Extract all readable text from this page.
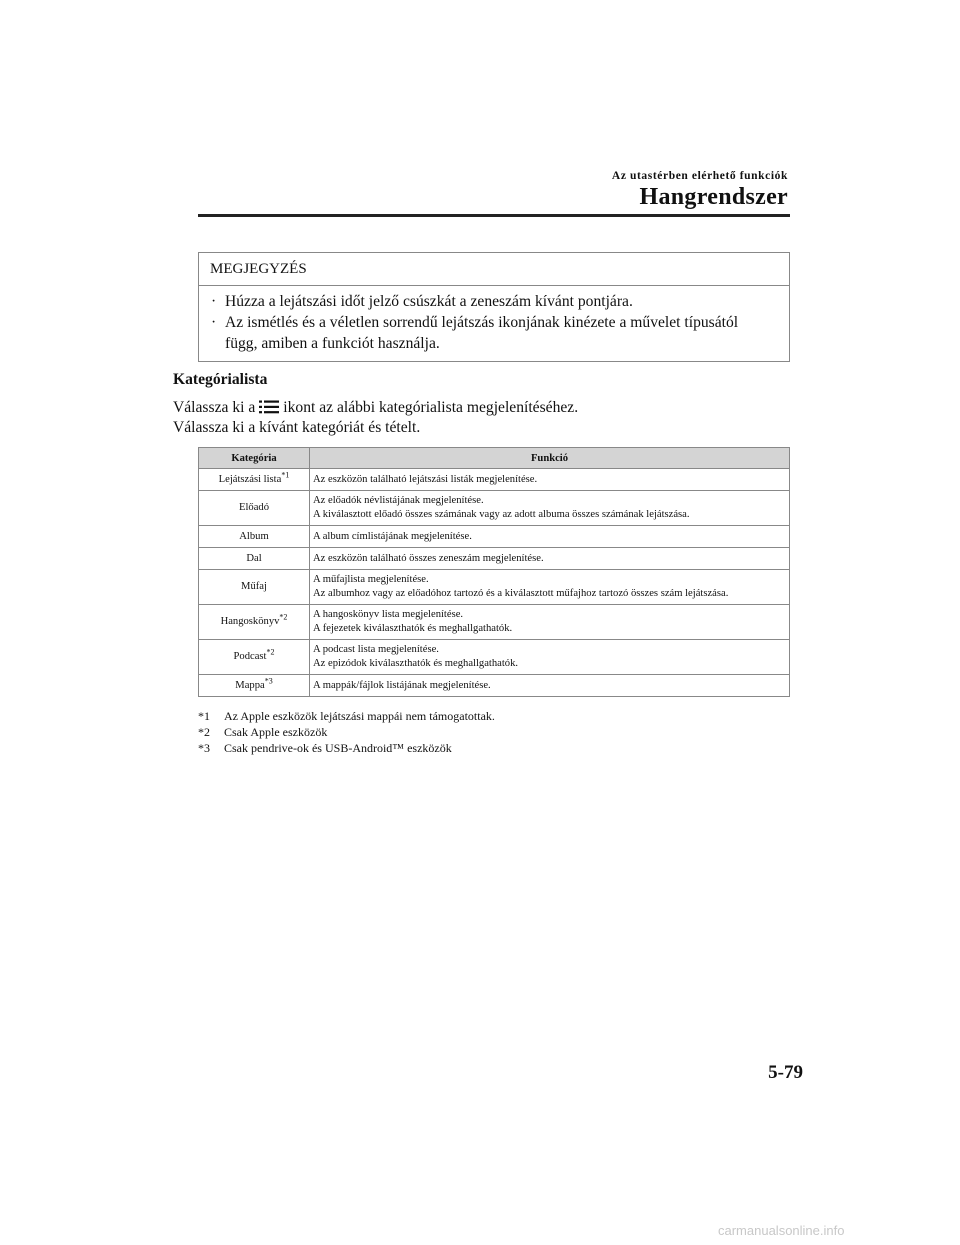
Az utastérben elérhető funkciók
Hangrendszer
MEGJEGYZÉS
· Húzza a lejátszási időt jelző csúszkát a zeneszám kívánt pontjára.
· Az ismétlés és a véletlen sorrendű lejátszás ikonjának kinézete a művelet típusától függ, amiben a funkciót használja.
Kategórialista
Válassza ki a ikont az alábbi kategórialista megjelenítéséhez.
Válassza ki a kívánt kategóriát és tételt.
Kategória	Funkció
Lejátszási lista$^{*1}$	Az eszközön található lejátszási listák megjelenítése.

Előadó	Az előadók névlistájának megjelenítése.
A kiválasztott előadó összes számának vagy az adott albuma összes számának lejátszása.

Album	A album címlistájának megjelenítése.

Dal	Az eszközön található összes zeneszám megjelenítése.

Műfaj	A műfajlista megjelenítése.
Az albumhoz vagy az előadóhoz tartozó és a kiválasztott műfajhoz tartozó összes szám lejátszása.

Hangoskönyv$^{*2}$	A hangoskönyv lista megjelenítése.
A fejezetek kiválaszthatók és meghallgathatók.

Podcast$^{*2}$	A podcast lista megjelenítése.
Az epizódok kiválaszthatók és meghallgathatók.

Mappa$^{*3}$	A mappák/fájlok listájának megjelenítése.
*1 Az Apple eszközök lejátszási mappái nem támogatottak.
*2 Csak Apple eszközök
*3 Csak pendrive-ok és USB-Android™ eszközök
5-79
carmanualsonline.info
